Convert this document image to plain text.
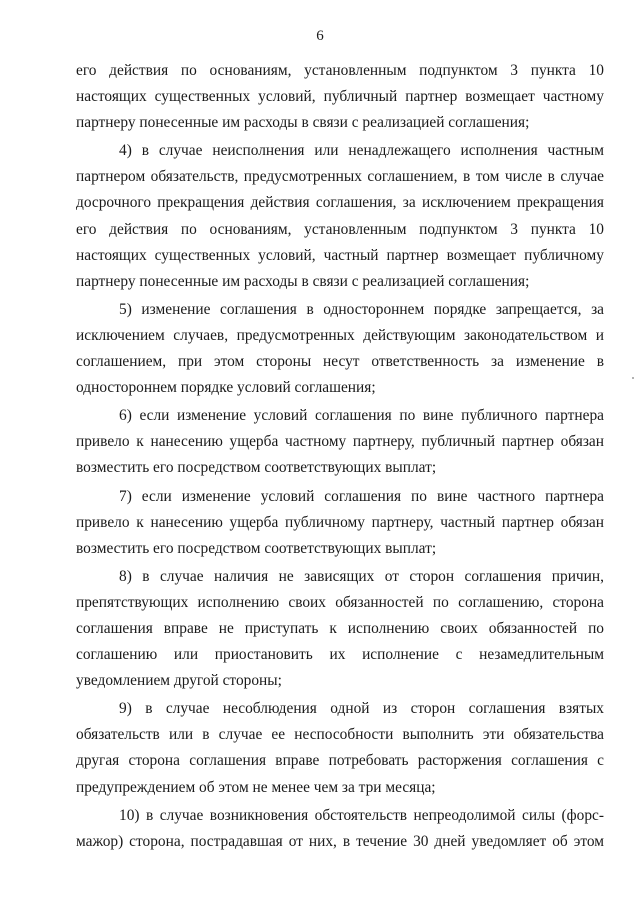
6

его действия по основаниям, установленным подпунктом 3 пункта 10 настоящих существенных условий, публичный партнер возмещает частному партнеру понесенные им расходы в связи с реализацией соглашения;

4) в случае неисполнения или ненадлежащего исполнения частным партнером обязательств, предусмотренных соглашением, в том числе в случае досрочного прекращения действия соглашения, за исключением прекращения его действия по основаниям, установленным подпунктом 3 пункта 10 настоящих существенных условий, частный партнер возмещает публичному партнеру понесенные им расходы в связи с реализацией соглашения;

5) изменение соглашения в одностороннем порядке запрещается, за исключением случаев, предусмотренных действующим законодательством и соглашением, при этом стороны несут ответственность за изменение в одностороннем порядке условий соглашения;

6) если изменение условий соглашения по вине публичного партнера привело к нанесению ущерба частному партнеру, публичный партнер обязан возместить его посредством соответствующих выплат;

7) если изменение условий соглашения по вине частного партнера привело к нанесению ущерба публичному партнеру, частный партнер обязан возместить его посредством соответствующих выплат;

8) в случае наличия не зависящих от сторон соглашения причин, препятствующих исполнению своих обязанностей по соглашению, сторона соглашения вправе не приступать к исполнению своих обязанностей по соглашению или приостановить их исполнение с незамедлительным уведомлением другой стороны;

9) в случае несоблюдения одной из сторон соглашения взятых обязательств или в случае ее неспособности выполнить эти обязательства другая сторона соглашения вправе потребовать расторжения соглашения с предупреждением об этом не менее чем за три месяца;

10) в случае возникновения обстоятельств непреодолимой силы (форс-мажор) сторона, пострадавшая от них, в течение 30 дней уведомляет об этом
